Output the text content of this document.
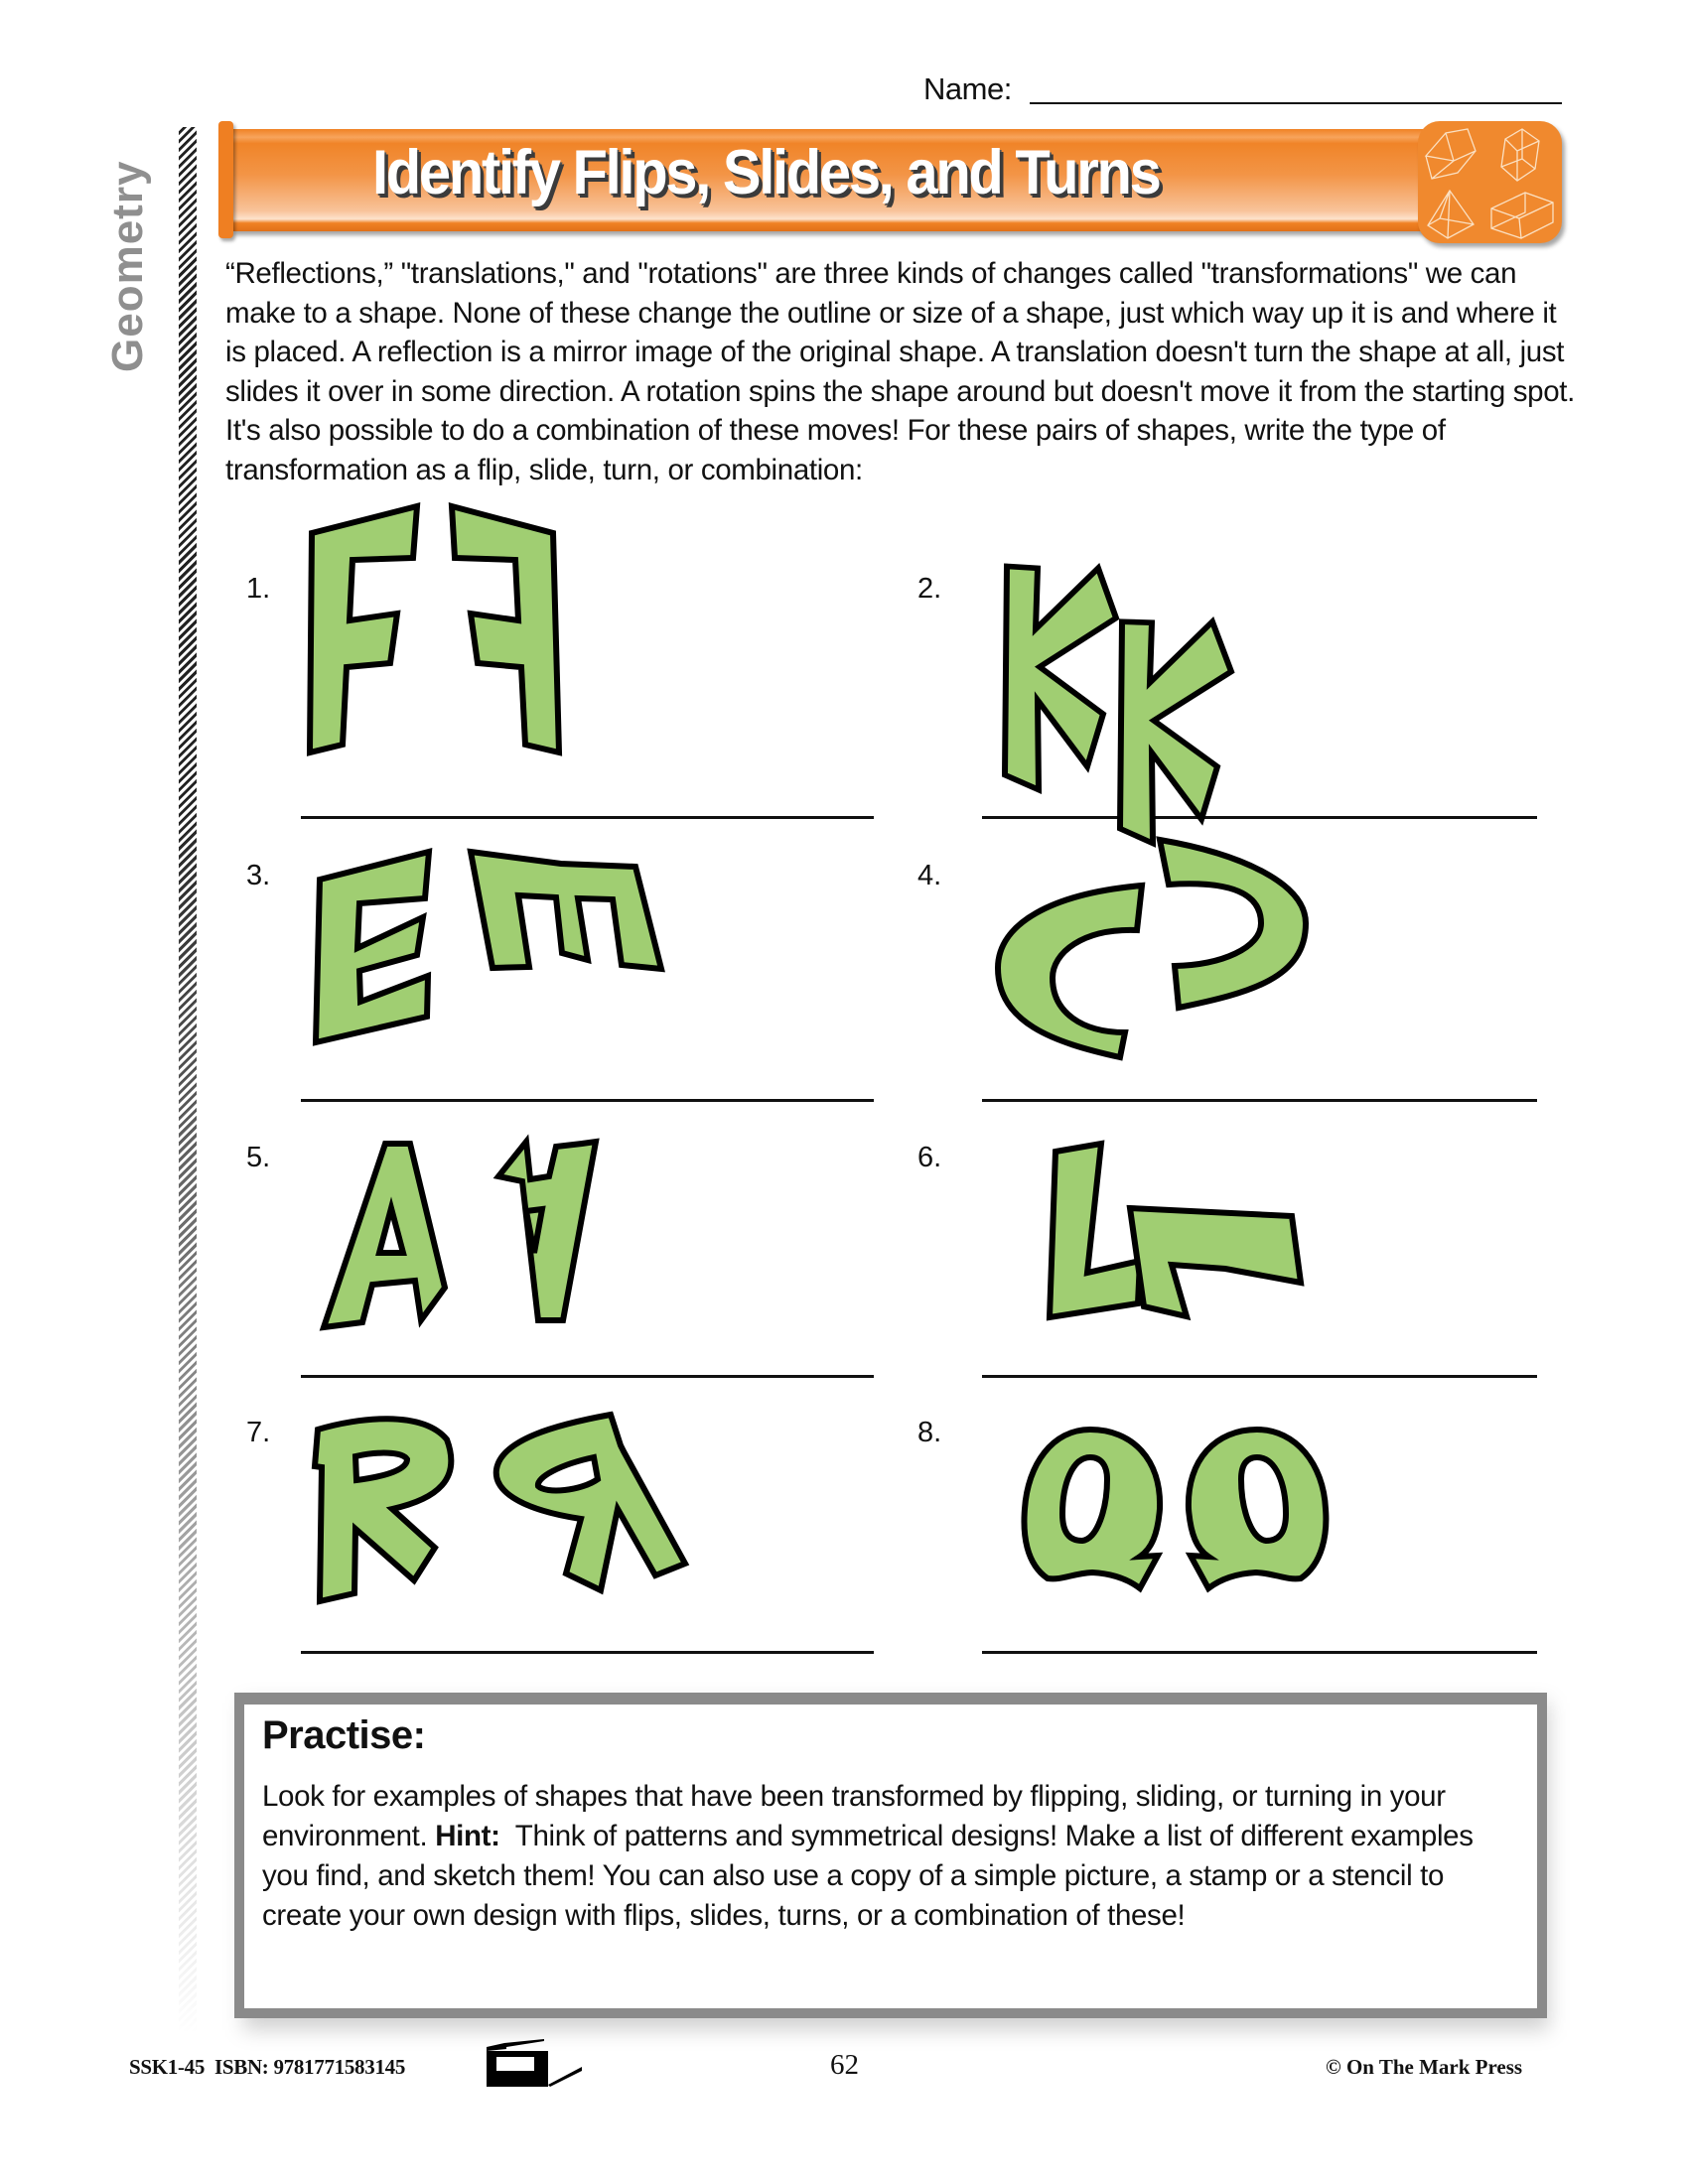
Name:
Geometry	Identify Flips, Slides, and Turns
“Reflections,” "translations," and "rotations" are three kinds of changes called "transformations" we can make to a shape. None of these change the outline or size of a shape, just which way up it is and where it is placed. A reflection is a mirror image of the original shape. A translation doesn't turn the shape at all, just slides it over in some direction. A rotation spins the shape around but doesn't move it from the starting spot. It's also possible to do a combination of these moves! For these pairs of shapes, write the type of transformation as a flip, slide, turn, or combination:
1.	2.
3.	4.
5.	6.
7.	8.
Practise:
Look for examples of shapes that have been transformed by flipping, sliding, or turning in your environment. Hint:  Think of patterns and symmetrical designs! Make a list of different examples you find, and sketch them! You can also use a copy of a simple picture, a stamp or a stencil to create your own design with flips, slides, turns, or a combination of these!
SSK1-45  ISBN: 9781771583145	62	© On The Mark Press
